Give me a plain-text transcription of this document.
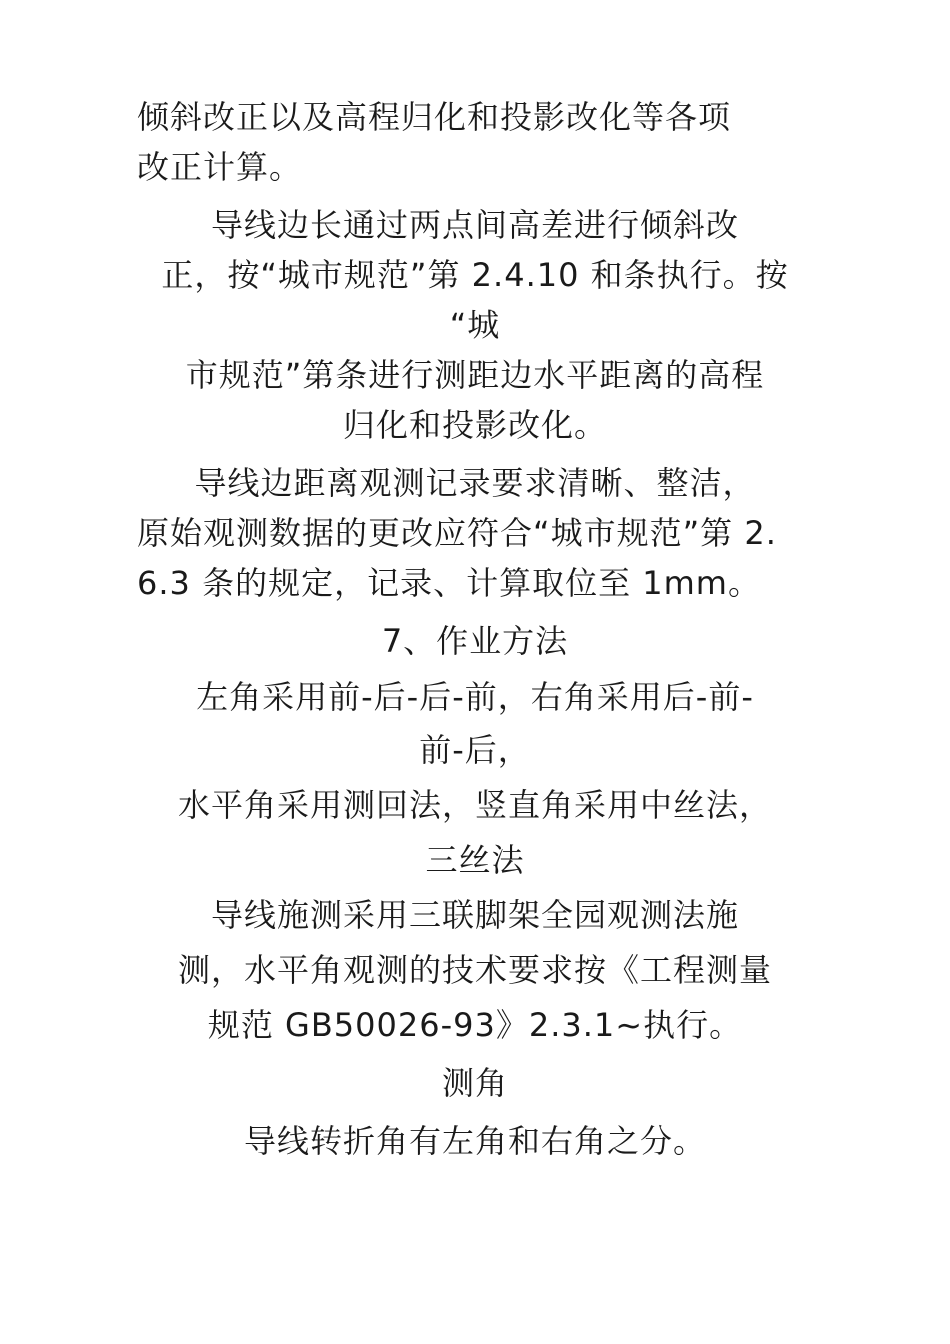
倾斜改正以及高程归化和投影改化等各项
改正计算。
导线边长通过两点间高差进行倾斜改
正，按“城市规范”第 2.4.10 和条执行。按
“城
市规范”第条进行测距边水平距离的高程
归化和投影改化。
导线边距离观测记录要求清晰、整洁，
原始观测数据的更改应符合“城市规范”第 2.
6.3 条的规定，记录、计算取位至 1mm。
7、作业方法
左角采用前-后-后-前，右角采用后-前-
前-后，
水平角采用测回法，竖直角采用中丝法，
三丝法
导线施测采用三联脚架全园观测法施
测，水平角观测的技术要求按《工程测量
规范 GB50026-93》2.3.1~执行。
测角
导线转折角有左角和右角之分。
